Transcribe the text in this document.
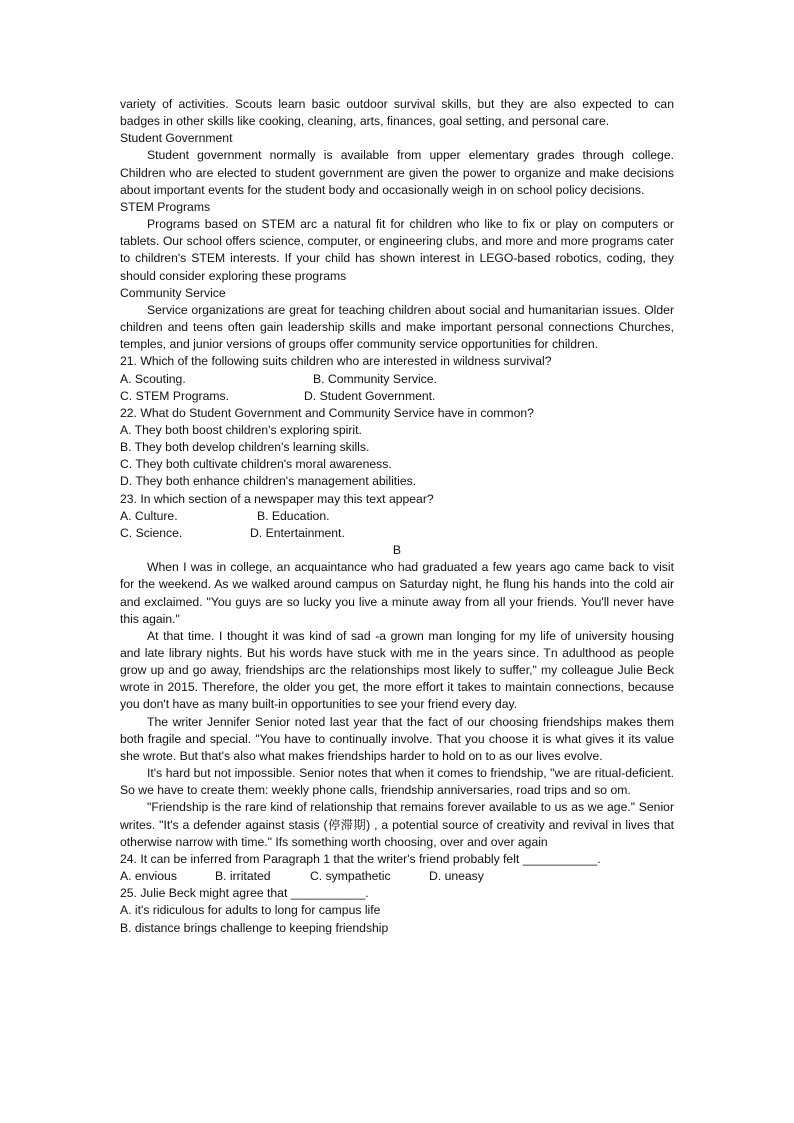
variety of activities. Scouts learn basic outdoor survival skills, but they are also expected to can badges in other skills like cooking, cleaning, arts, finances, goal setting, and personal care.

Student Government

Student government normally is available from upper elementary grades through college. Children who are elected to student government are given the power to organize and make decisions about important events for the student body and occasionally weigh in on school policy decisions.

STEM Programs

Programs based on STEM arc a natural fit for children who like to fix or play on computers or tablets. Our school offers science, computer, or engineering clubs, and more and more programs cater to children's STEM interests. If your child has shown interest in LEGO-based robotics, coding, they should consider exploring these programs

Community Service

Service organizations are great for teaching children about social and humanitarian issues. Older children and teens often gain leadership skills and make important personal connections Churches, temples, and junior versions of groups offer community service opportunities for children.

21. Which of the following suits children who are interested in wildness survival?

A. Scouting.	B. Community Service.
C. STEM Programs.	D. Student Government.

22. What do Student Government and Community Service have in common?

A. They both boost children's exploring spirit.

B. They both develop children's learning skills.

C. They both cultivate children's moral awareness.

D. They both enhance children's management abilities.

23. In which section of a newspaper may this text appear?

A. Culture.	B. Education.
C. Science.	D. Entertainment.

B

When I was in college, an acquaintance who had graduated a few years ago came back to visit for the weekend. As we walked around campus on Saturday night, he flung his hands into the cold air and exclaimed. "You guys are so lucky you live a minute away from all your friends. You'll never have this again."

At that time. I thought it was kind of sad -a grown man longing for my life of university housing and late library nights. But his words have stuck with me in the years since. Tn adulthood as people grow up and go away, friendships arc the relationships most likely to suffer," my colleague Julie Beck wrote in 2015. Therefore, the older you get, the more effort it takes to maintain connections, because you don't have as many built-in opportunities to see your friend every day.

The writer Jennifer Senior noted last year that the fact of our choosing friendships makes them both fragile and special. "You have to continually involve. That you choose it is what gives it its value she wrote. But that's also what makes friendships harder to hold on to as our lives evolve.

It's hard but not impossible. Senior notes that when it comes to friendship, "we are ritual-deficient. So we have to create them: weekly phone calls, friendship anniversaries, road trips and so om.

"Friendship is the rare kind of relationship that remains forever available to us as we age." Senior writes. "It's a defender against stasis (停滞期) , a potential source of creativity and revival in lives that otherwise narrow with time." Ifs something worth choosing, over and over again

24. It can be inferred from Paragraph 1 that the writer's friend probably felt ___________.

A. envious	B. irritated	C. sympathetic	D. uneasy

25. Julie Beck might agree that ___________.

A. it's ridiculous for adults to long for campus life

B. distance brings challenge to keeping friendship
